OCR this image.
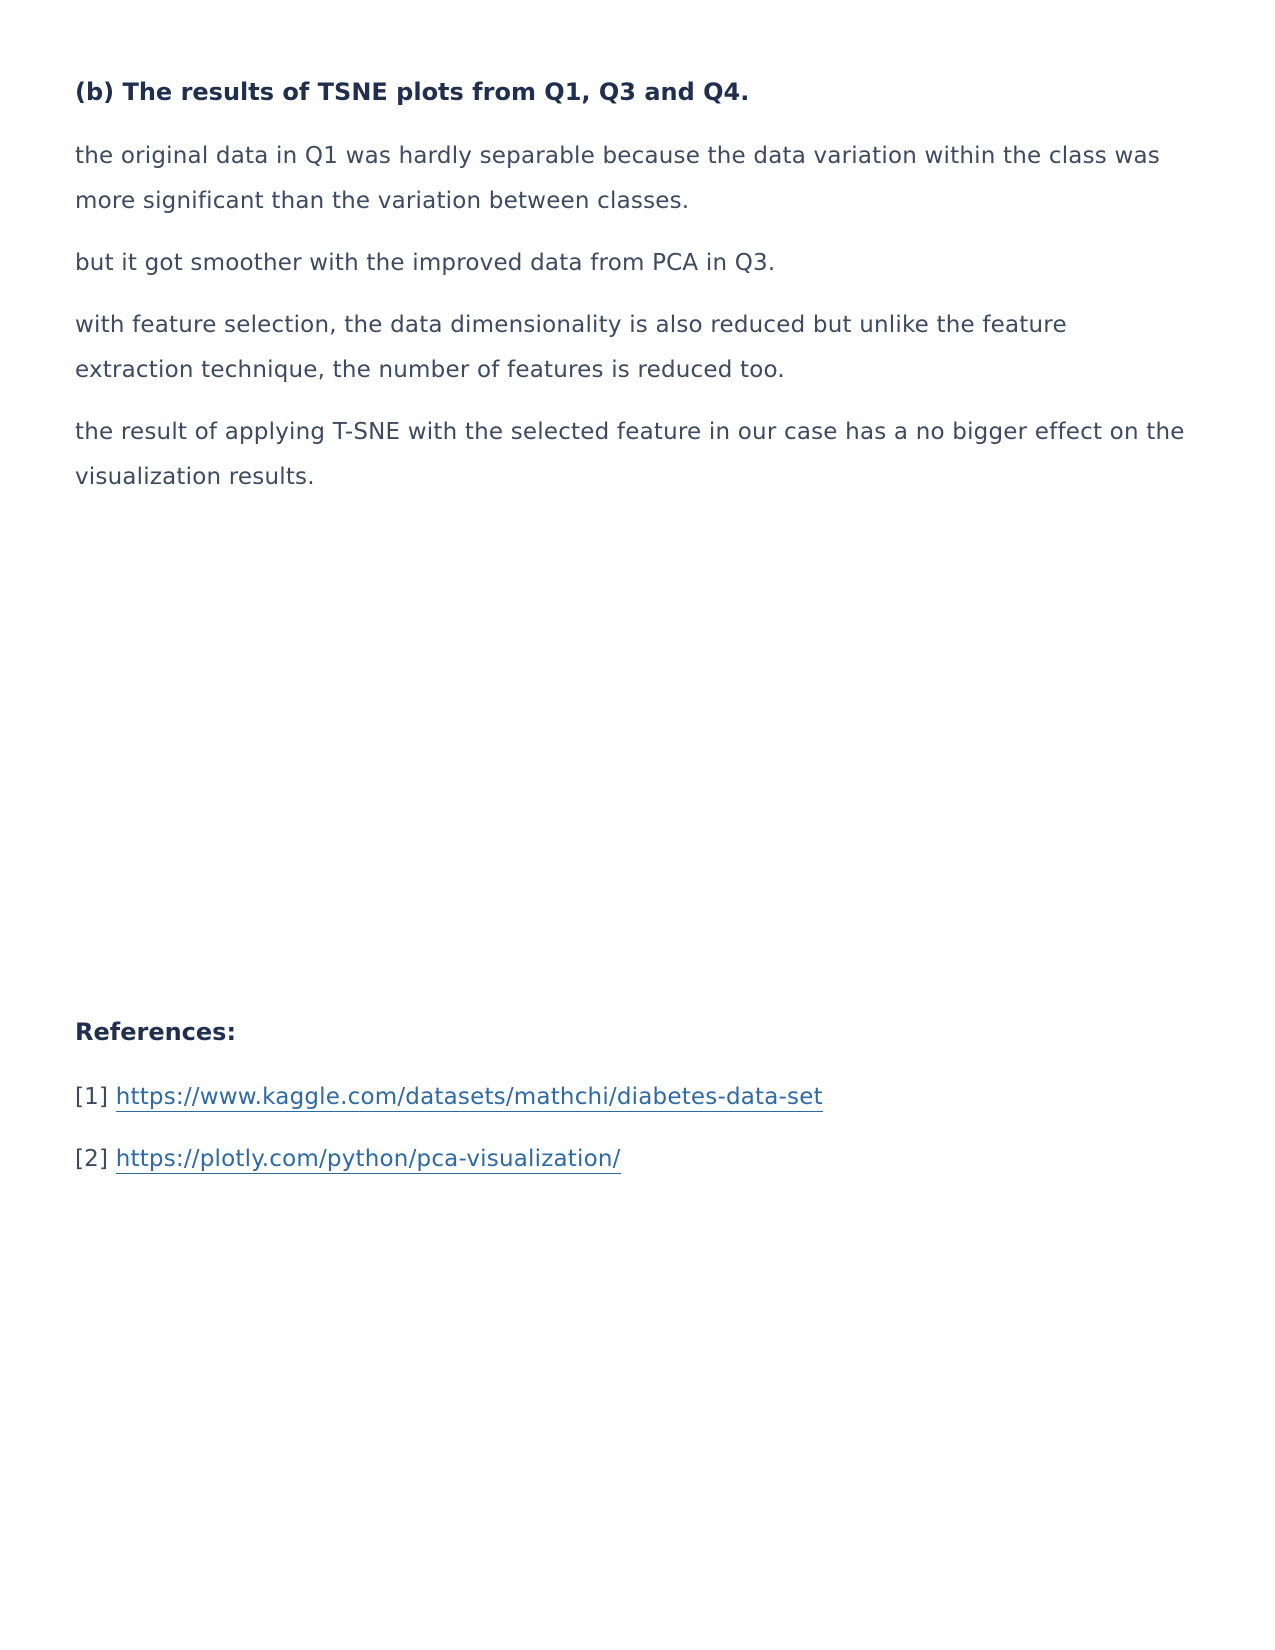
(b) The results of TSNE plots from Q1, Q3 and Q4.

the original data in Q1 was hardly separable because the data variation within the class was more significant than the variation between classes.

but it got smoother with the improved data from PCA in Q3.

with feature selection, the data dimensionality is also reduced but unlike the feature extraction technique, the number of features is reduced too.

the result of applying T-SNE with the selected feature in our case has a no bigger effect on the visualization results.

References:
[1] https://www.kaggle.com/datasets/mathchi/diabetes-data-set
[2] https://plotly.com/python/pca-visualization/
